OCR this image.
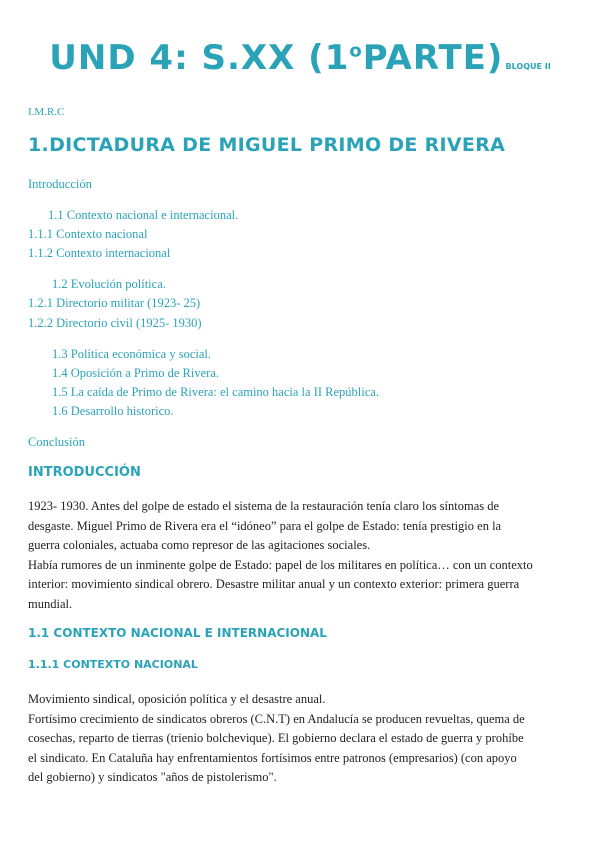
UND 4: S.XX (1$^o$PARTE) BLOQUE II
I.M.R.C
1.DICTADURA DE MIGUEL PRIMO DE RIVERA
Introducción
1.1 Contexto nacional e internacional.
1.1.1 Contexto nacional
1.1.2 Contexto internacional
1.2 Evolución política.
1.2.1 Directorio militar (1923- 25)
1.2.2 Directorio civil (1925- 1930)
1.3 Política económica y social.
1.4 Oposición a Primo de Rivera.
1.5 La caída de Primo de Rivera: el camino hacia la II República.
1.6 Desarrollo historico.
Conclusión
INTRODUCCIÓN

1923- 1930. Antes del golpe de estado el sistema de la restauración tenía claro los síntomas de

desgaste. Miguel Primo de Rivera era el “idóneo” para el golpe de Estado: tenía prestigio en la

guerra coloniales, actuaba como represor de las agitaciones sociales.

Había rumores de un inminente golpe de Estado: papel de los militares en política… con un contexto

interior: movimiento sindical obrero. Desastre militar anual y un contexto exterior: primera guerra

mundial.

1.1 CONTEXTO NACIONAL E INTERNACIONAL
1.1.1 CONTEXTO NACIONAL

Movimiento sindical, oposición política y el desastre anual.

Fortísimo crecimiento de sindicatos obreros (C.N.T) en Andalucía se producen revueltas, quema de

cosechas, reparto de tierras (trienio bolchevique). El gobierno declara el estado de guerra y prohíbe

el sindicato. En Cataluña hay enfrentamientos fortísimos entre patronos (empresarios) (con apoyo

del gobierno) y sindicatos "años de pistolerismo".
